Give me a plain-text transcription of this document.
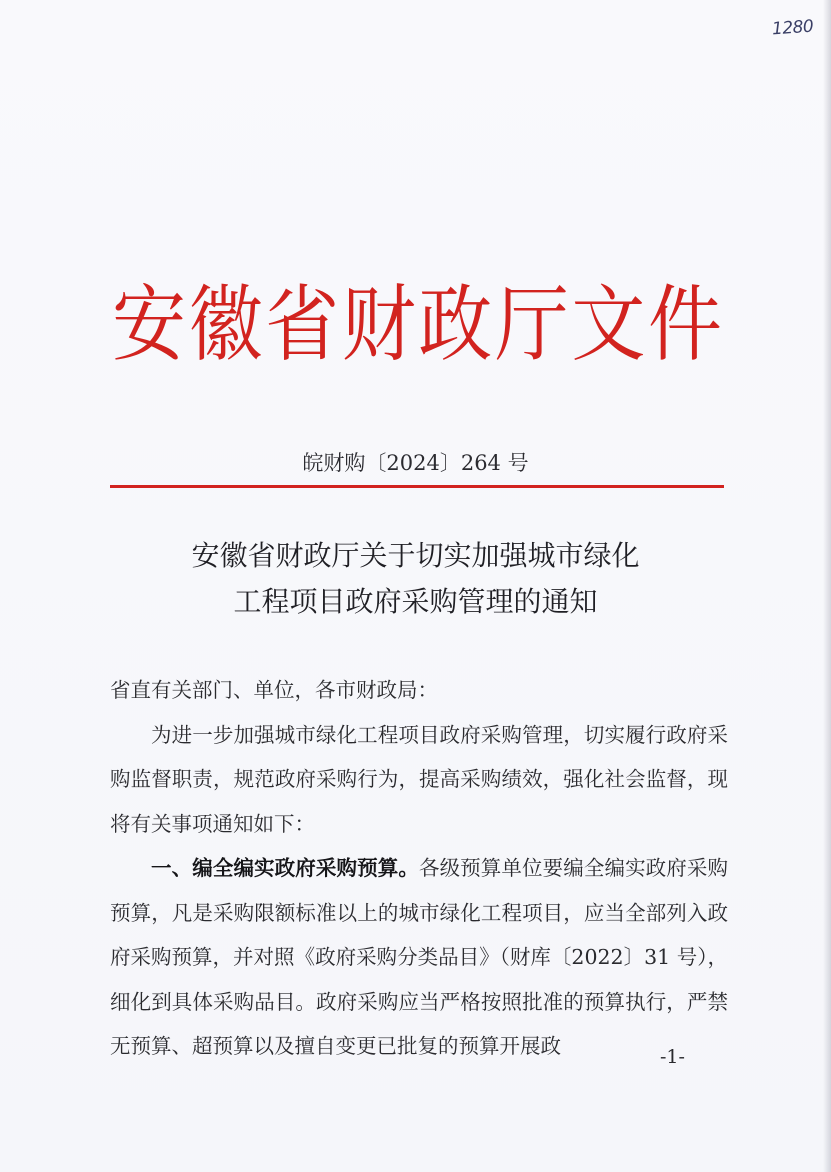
1280
安 徽 省 财 政 厅 文 件
皖财购〔2024〕264 号
安徽省财政厅关于切实加强城市绿化
工程项目政府采购管理的通知

省直有关部门、单位，各市财政局：

为进一步加强城市绿化工程项目政府采购管理，切实履行政府采购监督职责，规范政府采购行为，提高采购绩效，强化社会监督，现将有关事项通知如下：

一、编全编实政府采购预算。各级预算单位要编全编实政府采购预算，凡是采购限额标准以上的城市绿化工程项目，应当全部列入政府采购预算，并对照《政府采购分类品目》（财库〔2022〕31 号），细化到具体采购品目。政府采购应当严格按照批准的预算执行，严禁无预算、超预算以及擅自变更已批复的预算开展政	-1-
